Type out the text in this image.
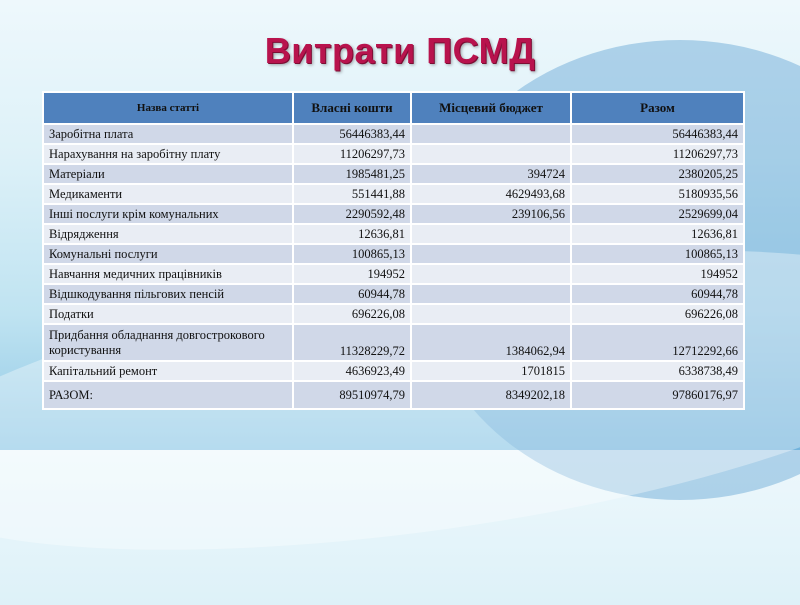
Витрати ПСМД
Назва статті	Власні кошти	Місцевий бюджет	Разом
Заробітна плата	56446383,44		56446383,44
Нарахування на заробітну плату	11206297,73		11206297,73
Матеріали	1985481,25	394724	2380205,25
Медикаменти	551441,88	4629493,68	5180935,56
Інші послуги крім комунальних	2290592,48	239106,56	2529699,04
Відрядження	12636,81		12636,81
Комунальні послуги	100865,13		100865,13
Навчання медичних працівників	194952		194952
Відшкодування пільгових пенсій	60944,78		60944,78
Податки	696226,08		696226,08
Придбання обладнання довгострокового користування	11328229,72	1384062,94	12712292,66
Капітальний ремонт	4636923,49	1701815	6338738,49
РАЗОМ:	89510974,79	8349202,18	97860176,97
